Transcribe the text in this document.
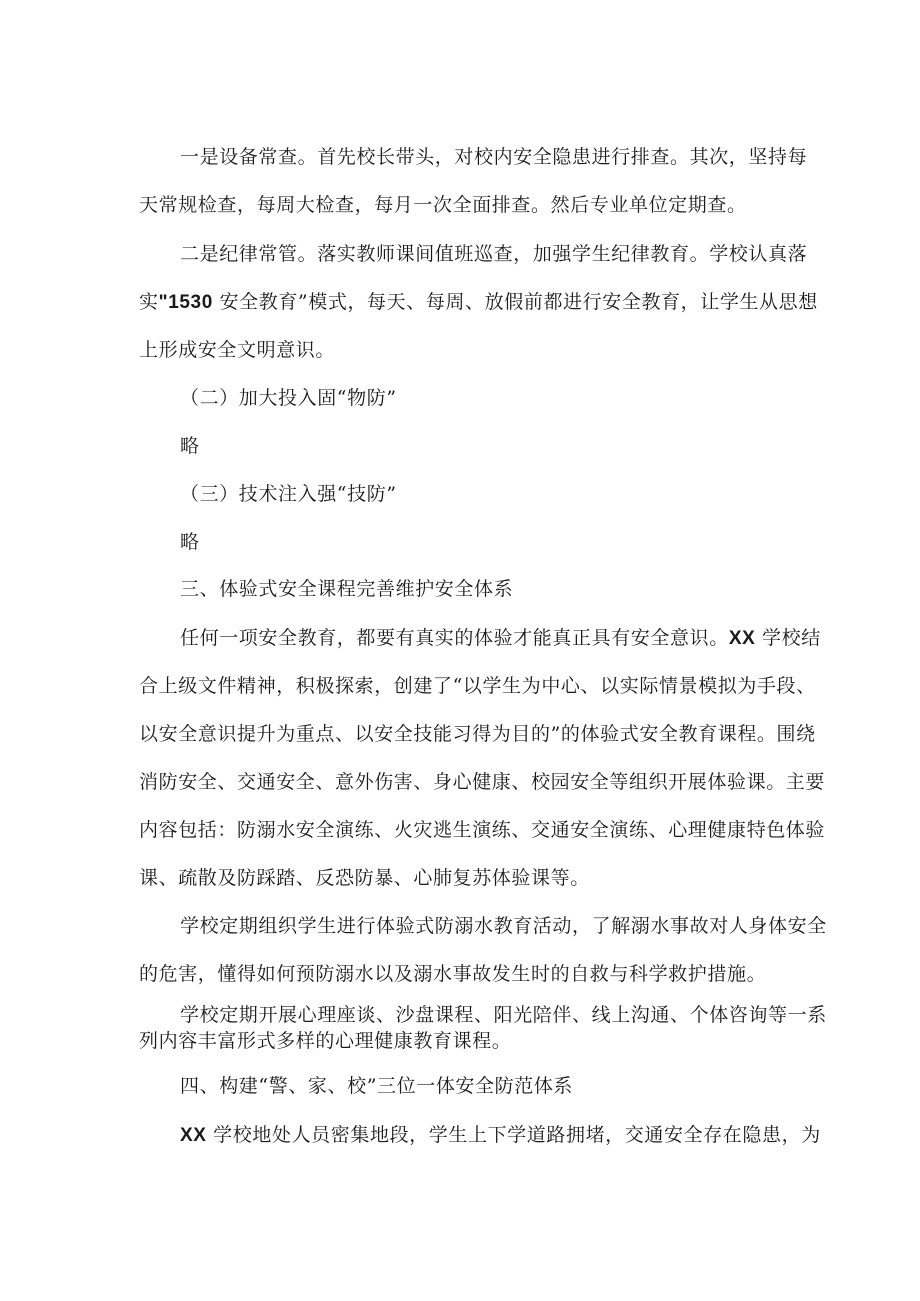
一是设备常查。首先校长带头，对校内安全隐患进行排查。其次，坚持每
天常规检查，每周大检查，每月一次全面排查。然后专业单位定期查。
二是纪律常管。落实教师课间值班巡查，加强学生纪律教育。学校认真落
实"1530 安全教育”模式，每天、每周、放假前都进行安全教育，让学生从思想
上形成安全文明意识。
（二）加大投入固“物防”
略
（三）技术注入强“技防”
略
三、体验式安全课程完善维护安全体系
任何一项安全教育，都要有真实的体验才能真正具有安全意识。XX 学校结
合上级文件精神，积极探索，创建了“以学生为中心、以实际情景模拟为手段、
以安全意识提升为重点、以安全技能习得为目的”的体验式安全教育课程。围绕
消防安全、交通安全、意外伤害、身心健康、校园安全等组织开展体验课。主要
内容包括：防溺水安全演练、火灾逃生演练、交通安全演练、心理健康特色体验
课、疏散及防踩踏、反恐防暴、心肺复苏体验课等。
学校定期组织学生进行体验式防溺水教育活动，了解溺水事故对人身体安全
的危害，懂得如何预防溺水以及溺水事故发生时的自救与科学救护措施。
学校定期开展心理座谈、沙盘课程、阳光陪伴、线上沟通、个体咨询等一系
列内容丰富形式多样的心理健康教育课程。
四、构建“警、家、校”三位一体安全防范体系
XX 学校地处人员密集地段，学生上下学道路拥堵，交通安全存在隐患，为
